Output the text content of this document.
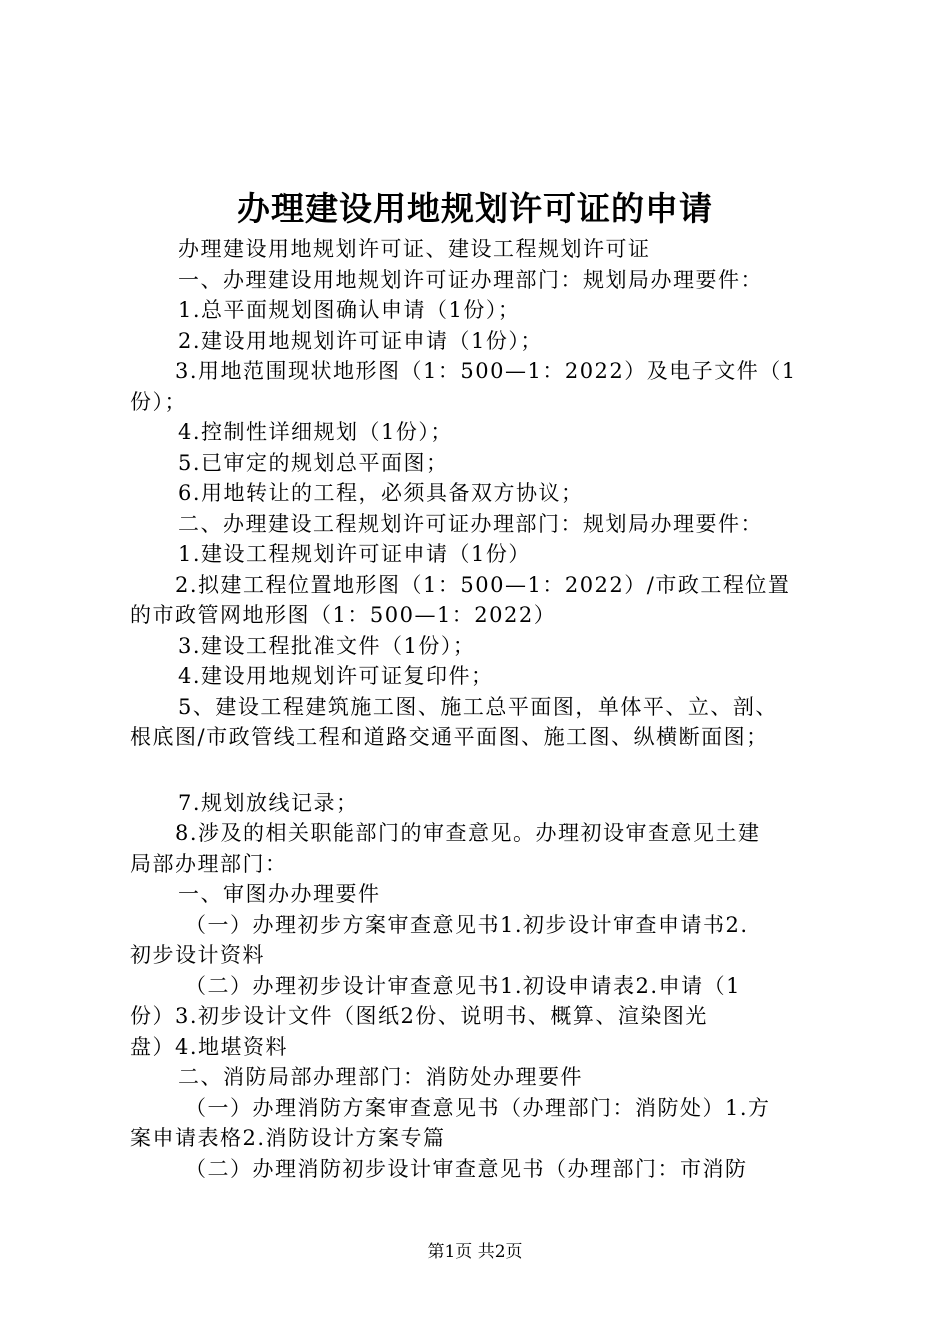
办理建设用地规划许可证的申请
办理建设用地规划许可证、建设工程规划许可证
一、办理建设用地规划许可证办理部门：规划局办理要件：
1.总平面规划图确认申请（1份）；
2.建设用地规划许可证申请（1份）；
3.用地范围现状地形图（1：500—1：2022）及电子文件（1
份）；
4.控制性详细规划（1份）；
5.已审定的规划总平面图；
6.用地转让的工程，必须具备双方协议；
二、办理建设工程规划许可证办理部门：规划局办理要件：
1.建设工程规划许可证申请（1份）
2.拟建工程位置地形图（1：500—1：2022）/市政工程位置
的市政管网地形图（1：500—1：2022）
3.建设工程批准文件（1份）；
4.建设用地规划许可证复印件；
5、建设工程建筑施工图、施工总平面图，单体平、立、剖、
根底图/市政管线工程和道路交通平面图、施工图、纵横断面图；
7.规划放线记录；
8.涉及的相关职能部门的审查意见。办理初设审查意见土建
局部办理部门：
一、审图办办理要件
（一）办理初步方案审查意见书1.初步设计审查申请书2.
初步设计资料
（二）办理初步设计审查意见书1.初设申请表2.申请（1
份）3.初步设计文件（图纸2份、说明书、概算、渲染图光
盘）4.地堪资料
二、消防局部办理部门：消防处办理要件
（一）办理消防方案审查意见书（办理部门：消防处）1.方
案申请表格2.消防设计方案专篇
（二）办理消防初步设计审查意见书（办理部门：市消防
第1页 共2页
